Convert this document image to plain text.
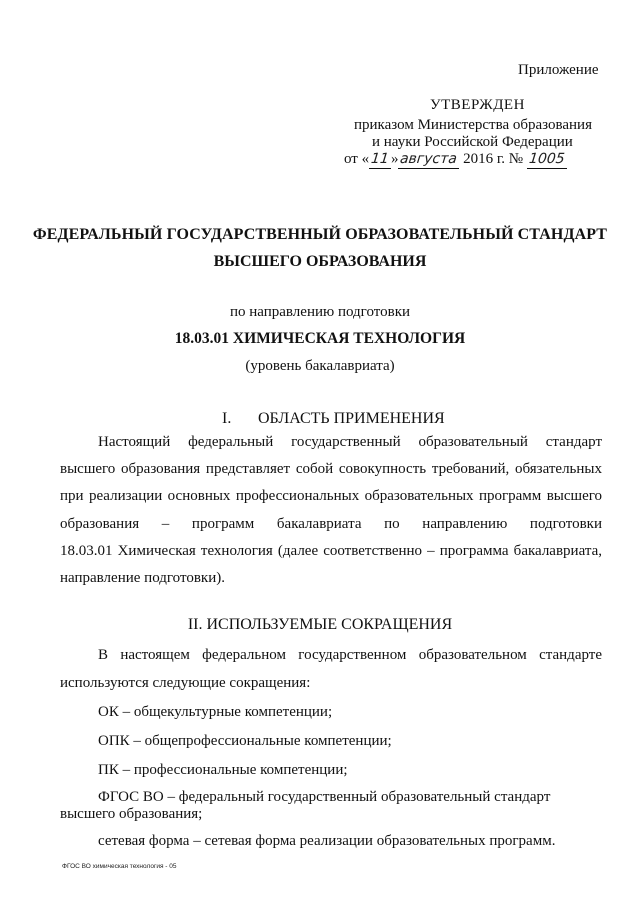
Приложение
УТВЕРЖДЕН
приказом Министерства образования
и науки Российской Федерации
от «11»августа 2016 г. № 1005
ФЕДЕРАЛЬНЫЙ ГОСУДАРСТВЕННЫЙ ОБРАЗОВАТЕЛЬНЫЙ СТАНДАРТ
ВЫСШЕГО ОБРАЗОВАНИЯ
по направлению подготовки
18.03.01 ХИМИЧЕСКАЯ ТЕХНОЛОГИЯ
(уровень бакалавриата)
I. ОБЛАСТЬ ПРИМЕНЕНИЯ
Настоящий федеральный государственный образовательный стандарт
высшего образования представляет собой совокупность требований, обязательных
при реализации основных профессиональных образовательных программ высшего
образования – программ бакалавриата по направлению подготовки
18.03.01 Химическая технология (далее соответственно – программа бакалавриата,
направление подготовки).
II. ИСПОЛЬЗУЕМЫЕ СОКРАЩЕНИЯ
В настоящем федеральном государственном образовательном стандарте
используются следующие сокращения:
ОК – общекультурные компетенции;
ОПК – общепрофессиональные компетенции;
ПК – профессиональные компетенции;
ФГОС ВО – федеральный государственный образовательный стандарт
высшего образования;
сетевая форма – сетевая форма реализации образовательных программ.
ФГОС ВО химическая технология - 05
